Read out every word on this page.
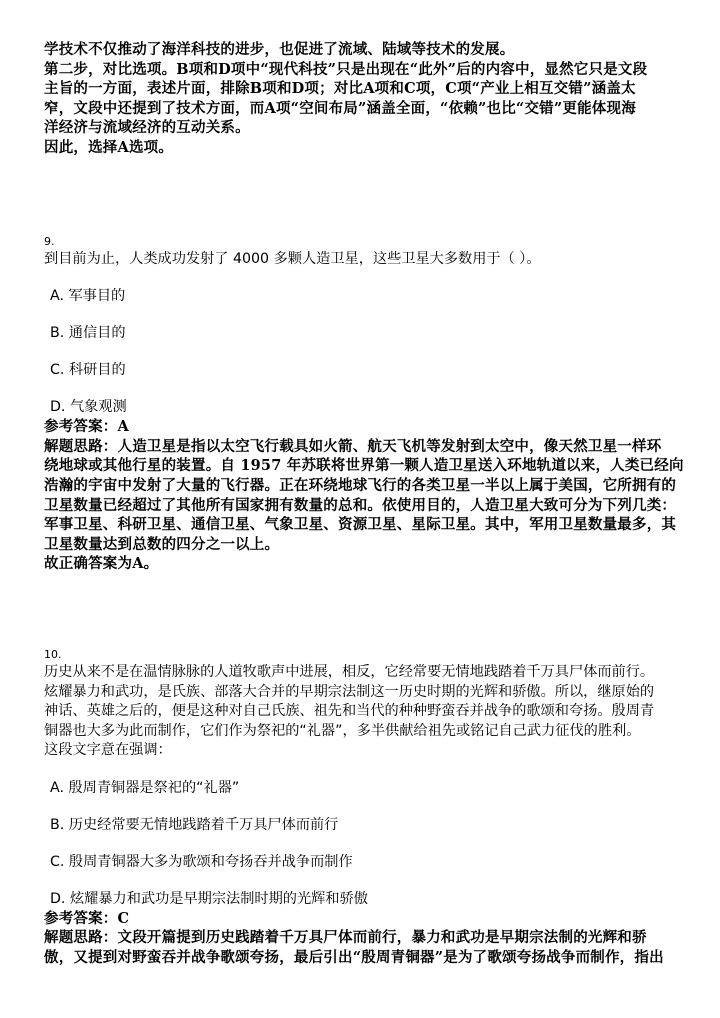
学技术不仅推动了海洋科技的进步，也促进了流域、陆域等技术的发展。

第二步，对比选项。B项和D项中“现代科技”只是出现在“此外”后的内容中，显然它只是文段

主旨的一方面，表述片面，排除B项和D项；对比A项和C项，C项“产业上相互交错”涵盖太

窄，文段中还提到了技术方面，而A项“空间布局”涵盖全面，“依赖”也比“交错”更能体现海

洋经济与流域经济的互动关系。

因此，选择A选项。

9.

到目前为止，人类成功发射了 4000 多颗人造卫星，这些卫星大多数用于（ ）。

A. 军事目的

B. 通信目的

C. 科研目的

D. 气象观测

参考答案：A

解题思路：人造卫星是指以太空飞行载具如火箭、航天飞机等发射到太空中，像天然卫星一样环

绕地球或其他行星的装置。自 1957 年苏联将世界第一颗人造卫星送入环地轨道以来，人类已经向

浩瀚的宇宙中发射了大量的飞行器。正在环绕地球飞行的各类卫星一半以上属于美国，它所拥有的

卫星数量已经超过了其他所有国家拥有数量的总和。依使用目的，人造卫星大致可分为下列几类：

军事卫星、科研卫星、通信卫星、气象卫星、资源卫星、星际卫星。其中，军用卫星数量最多，其

卫星数量达到总数的四分之一以上。

故正确答案为A。

10.

历史从来不是在温情脉脉的人道牧歌声中进展，相反，它经常要无情地践踏着千万具尸体而前行。

炫耀暴力和武功，是氏族、部落大合并的早期宗法制这一历史时期的光辉和骄傲。所以，继原始的

神话、英雄之后的，便是这种对自己氏族、祖先和当代的种种野蛮吞并战争的歌颂和夸扬。殷周青

铜器也大多为此而制作，它们作为祭祀的“礼器”，多半供献给祖先或铭记自己武力征伐的胜利。

这段文字意在强调：

A. 殷周青铜器是祭祀的“礼器”

B. 历史经常要无情地践踏着千万具尸体而前行

C. 殷周青铜器大多为歌颂和夸扬吞并战争而制作

D. 炫耀暴力和武功是早期宗法制时期的光辉和骄傲

参考答案：C

解题思路：文段开篇提到历史践踏着千万具尸体而前行，暴力和武功是早期宗法制的光辉和骄

傲，又提到对野蛮吞并战争歌颂夸扬，最后引出“殷周青铜器”是为了歌颂夸扬战争而制作，指出
